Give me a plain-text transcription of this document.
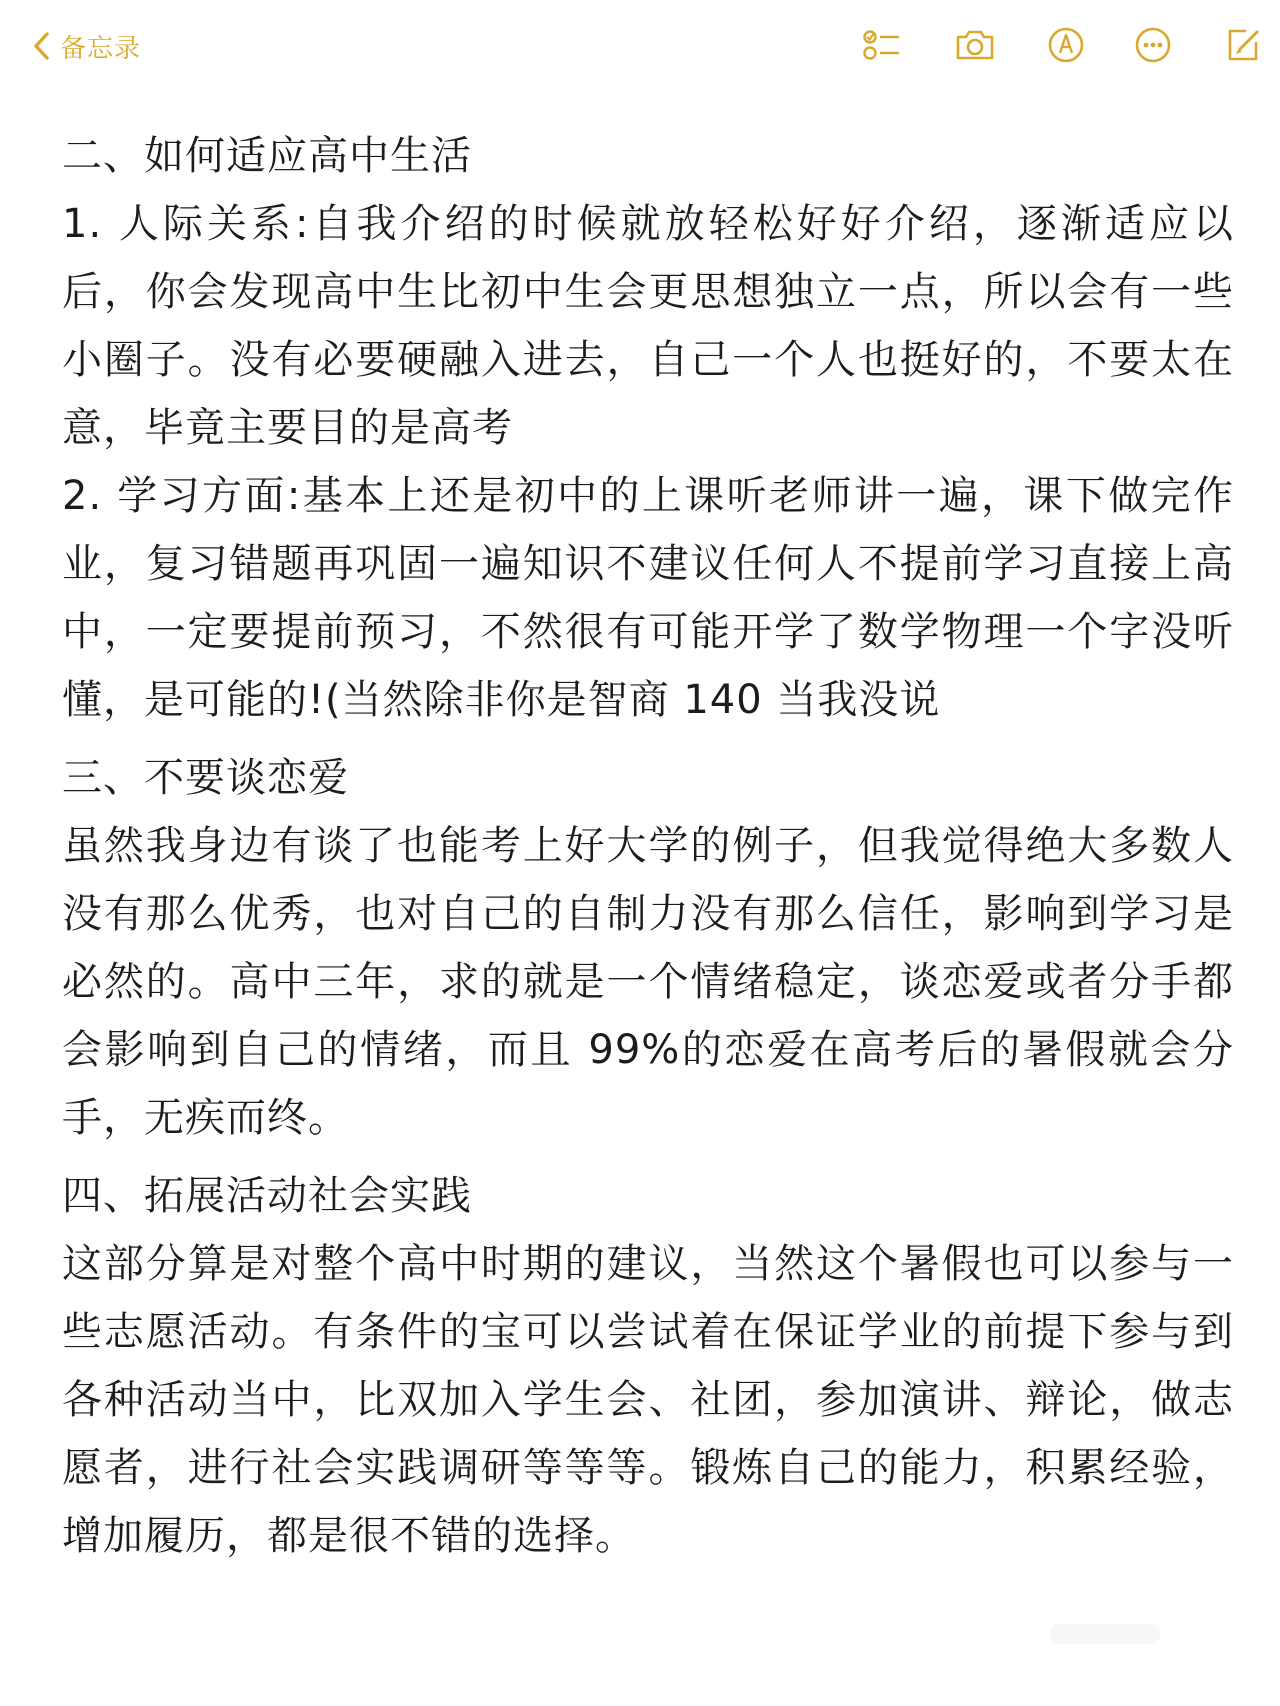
备忘录
二、如何适应高中生活

1. 人际关系:自我介绍的时候就放轻松好好介绍，逐渐适应以后，你会发现高中生比初中生会更思想独立一点，所以会有一些小圈子。没有必要硬融入进去，自己一个人也挺好的，不要太在意，毕竟主要目的是高考

2. 学习方面:基本上还是初中的上课听老师讲一遍，课下做完作业，复习错题再巩固一遍知识不建议任何人不提前学习直接上高中，一定要提前预习，不然很有可能开学了数学物理一个字没听懂，是可能的!(当然除非你是智商 140 当我没说

三、不要谈恋爱

虽然我身边有谈了也能考上好大学的例子，但我觉得绝大多数人没有那么优秀，也对自己的自制力没有那么信任，影响到学习是必然的。高中三年，求的就是一个情绪稳定，谈恋爱或者分手都会影响到自己的情绪，而且 99%的恋爱在高考后的暑假就会分手，无疾而终。

四、拓展活动社会实践

这部分算是对整个高中时期的建议，当然这个暑假也可以参与一些志愿活动。有条件的宝可以尝试着在保证学业的前提下参与到各种活动当中，比双加入学生会、社团，参加演讲、辩论，做志愿者，进行社会实践调研等等等。锻炼自己的能力，积累经验，增加履历，都是很不错的选择。
